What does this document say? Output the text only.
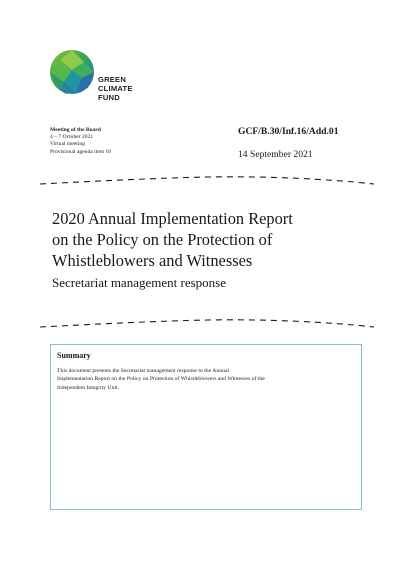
GREEN
CLIMATE
FUND
Meeting of the Board
4 – 7 October 2021
Virtual meeting
Provisional agenda item 10
GCF/B.30/Inf.16/Add.01
14 September 2021
2020 Annual Implementation Report
on the Policy on the Protection of
Whistleblowers and Witnesses
Secretariat management response
Summary
This document presents the Secretariat management response to the Annual
Implementation Report on the Policy on Protection of Whistleblowers and Witnesses of the
Independent Integrity Unit.
